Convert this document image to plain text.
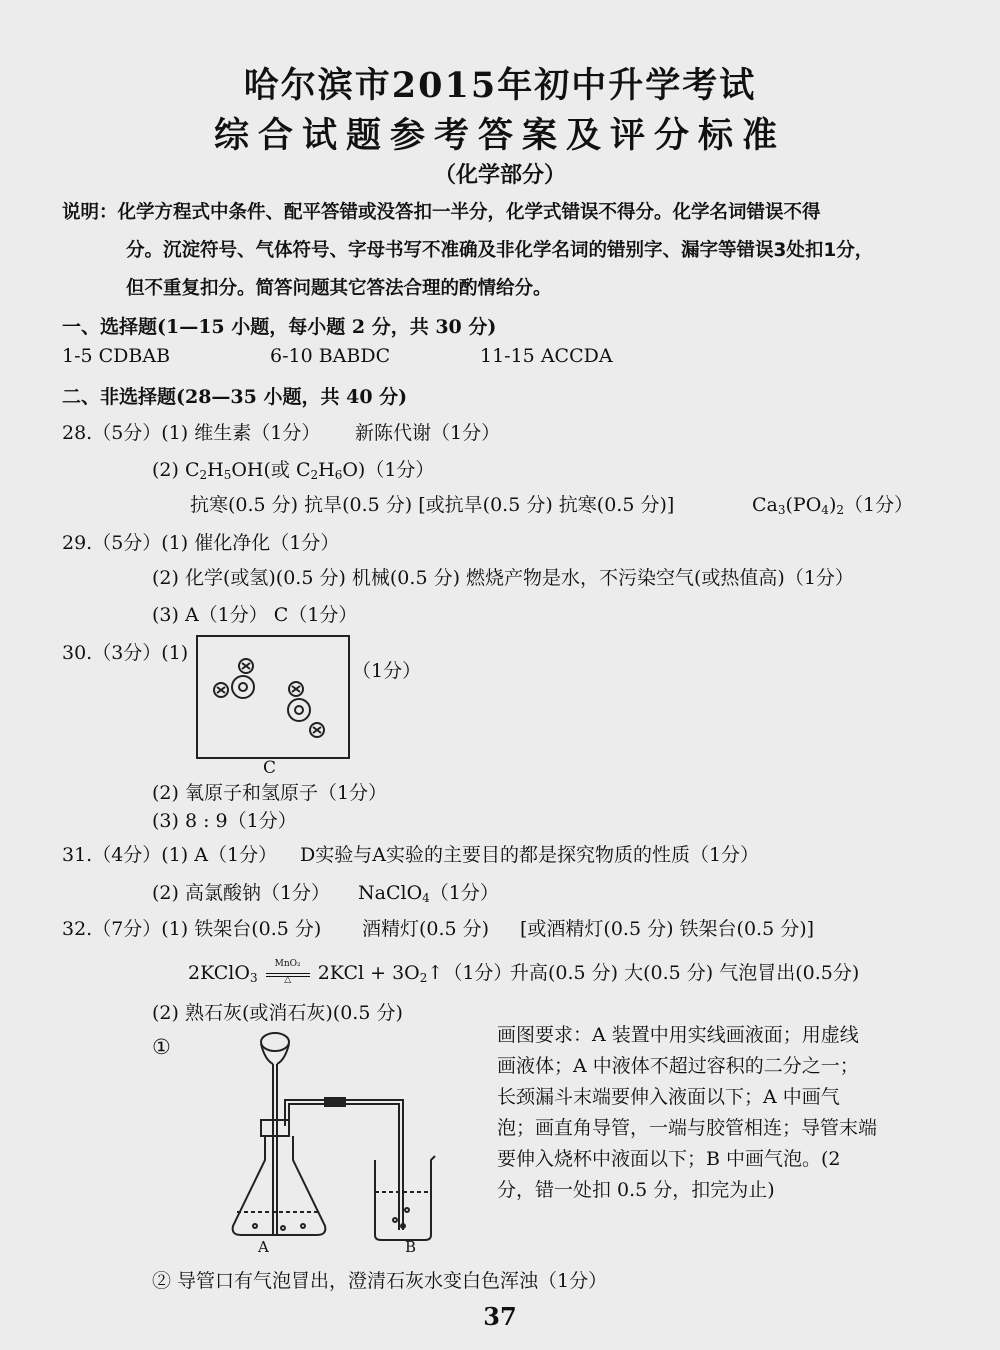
哈尔滨市2015年初中升学考试
综合试题参考答案及评分标准
（化学部分）
说明：化学方程式中条件、配平答错或没答扣一半分，化学式错误不得分。化学名词错误不得
分。沉淀符号、气体符号、字母书写不准确及非化学名词的错别字、漏字等错误3处扣1分，
但不重复扣分。简答问题其它答法合理的酌情给分。
一、选择题(1—15 小题，每小题 2 分，共 30 分)
1-5 CDBAB	6-10 BABDC	11-15 ACCDA
二、非选择题(28—35 小题，共 40 分)
28.（5分）(1) 维生素（1分） 新陈代谢（1分）
(2) $C_2H_5OH$(或 $C_2H_6O)(1$分）
抗寒(0.5 分) 抗旱(0.5 分) [或抗旱(0.5 分) 抗寒(0.5 分)]	$Ca_3(PO_4)_2(1$分）
29.（5分）(1) 催化净化（1分）
(2) 化学(或氢)(0.5 分) 机械(0.5 分) 燃烧产物是水，不污染空气(或热值高)（1分）
(3) A（1分） C（1分）
30.（3分）(1)
（1分）
C
(2) 氧原子和氢原子（1分）
(3) 8 : 9（1分）
31.（4分）(1) A（1分） D实验与A实验的主要目的都是探究物质的性质（1分）
(2) 高氯酸钠（1分） NaClO$_4$（1分）
32.（7分）(1) 铁架台(0.5 分) 酒精灯(0.5 分) [或酒精灯(0.5 分) 铁架台(0.5 分)]
2KClO$_3$
MnO₂
△	$2KCl + 3O_2↑(1$分）
升高(0.5 分) 大(0.5 分) 气泡冒出(0.5分)
(2) 熟石灰(或消石灰)(0.5 分)
①
A	B
画图要求：A 装置中用实线画液面；用虚线画液体；A 中液体不超过容积的二分之一；长颈漏斗末端要伸入液面以下；A 中画气泡；画直角导管，一端与胶管相连；导管末端要伸入烧杯中液面以下；B 中画气泡。(2 分，错一处扣 0.5 分，扣完为止)
② 导管口有气泡冒出，澄清石灰水变白色浑浊（1分）
37
